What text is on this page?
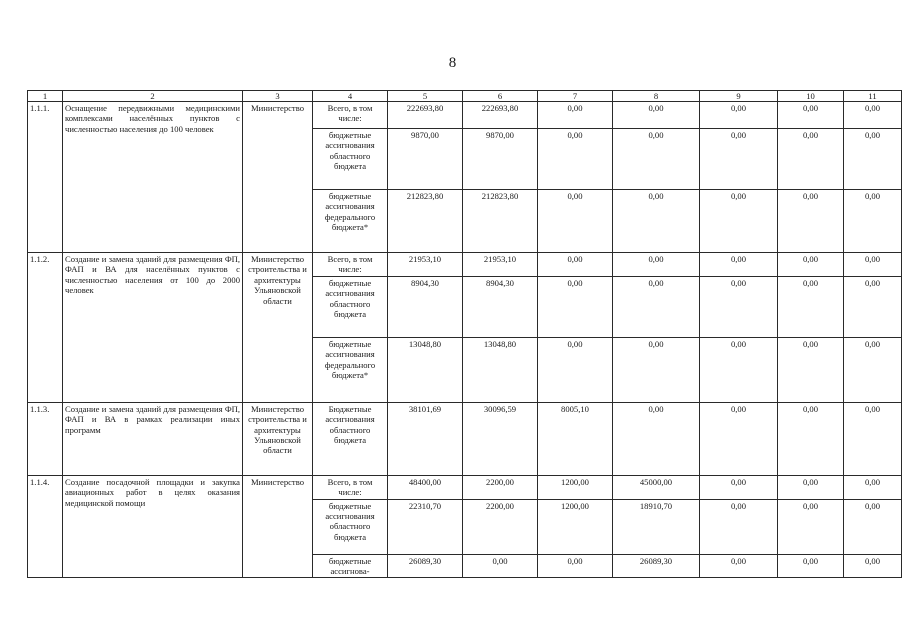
8
1	2	3	4	5	6	7	8	9	10	11
1.1.1.	Оснащение передвижными медицинскими комплексами населённых пунктов с численностью населения до 100 человек	Министерство	Всего, в том числе:	222693,80	222693,80	0,00	0,00	0,00	0,00	0,00
			бюджетные ассигнования областного бюджета	9870,00	9870,00	0,00	0,00	0,00	0,00	0,00
			бюджетные ассигнования федерального бюджета*	212823,80	212823,80	0,00	0,00	0,00	0,00	0,00
1.1.2.	Создание и замена зданий для размещения ФП, ФАП и ВА для населённых пунктов с численностью населения от 100 до 2000 человек	Министерство строительства и архитектуры Ульяновской области	Всего, в том числе:	21953,10	21953,10	0,00	0,00	0,00	0,00	0,00
			бюджетные ассигнования областного бюджета	8904,30	8904,30	0,00	0,00	0,00	0,00	0,00
			бюджетные ассигнования федерального бюджета*	13048,80	13048,80	0,00	0,00	0,00	0,00	0,00
1.1.3.	Создание и замена зданий для размещения ФП, ФАП и ВА в рамках реализации иных программ	Министерство строительства и архитектуры Ульяновской области	Бюджетные ассигнования областного бюджета	38101,69	30096,59	8005,10	0,00	0,00	0,00	0,00
1.1.4.	Создание посадочной площадки и закупка авиационных работ в целях оказания медицинской помощи	Министерство	Всего, в том числе:	48400,00	2200,00	1200,00	45000,00	0,00	0,00	0,00
			бюджетные ассигнования областного бюджета	22310,70	2200,00	1200,00	18910,70	0,00	0,00	0,00
			бюджетные ассигнова-	26089,30	0,00	0,00	26089,30	0,00	0,00	0,00
